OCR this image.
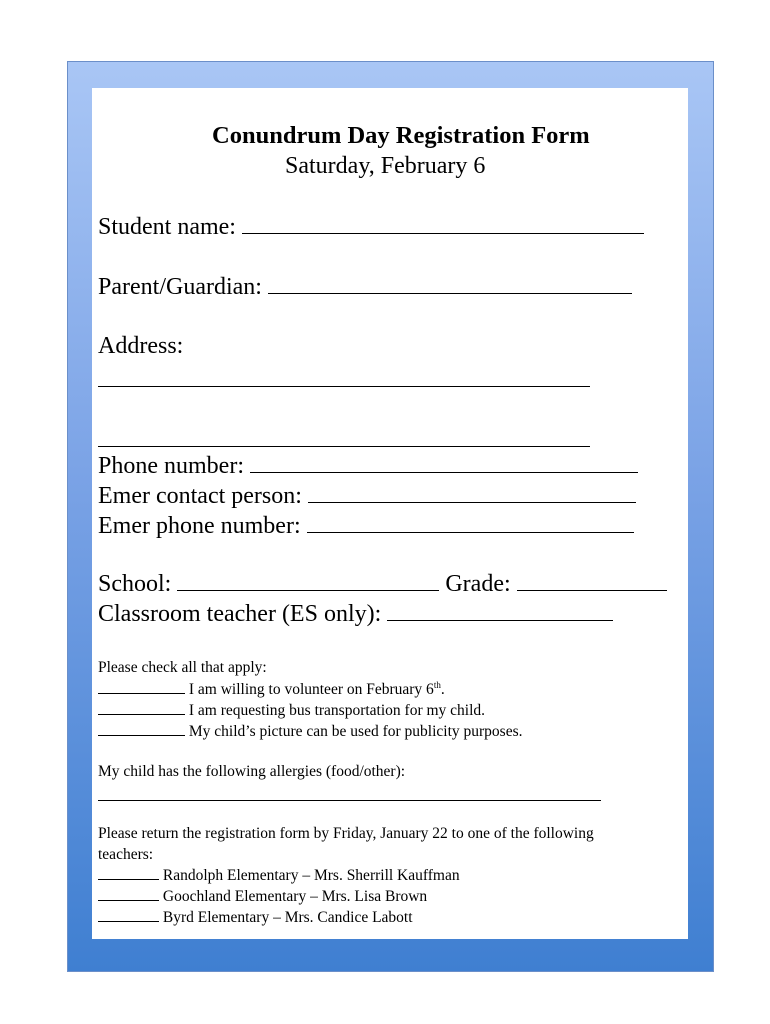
Conundrum Day Registration Form
Saturday, February 6
Student name:
Parent/Guardian:
Address:
Phone number:
Emer contact person:
Emer phone number:
School:	Grade:
Classroom teacher (ES only):
Please check all that apply:
I am willing to volunteer on February 6th.
I am requesting bus transportation for my child.
My child’s picture can be used for publicity purposes.
My child has the following allergies (food/other):
Please return the registration form by Friday, January 22 to one of the following
teachers:
Randolph Elementary – Mrs. Sherrill Kauffman
Goochland Elementary – Mrs. Lisa Brown
Byrd Elementary – Mrs. Candice Labott
